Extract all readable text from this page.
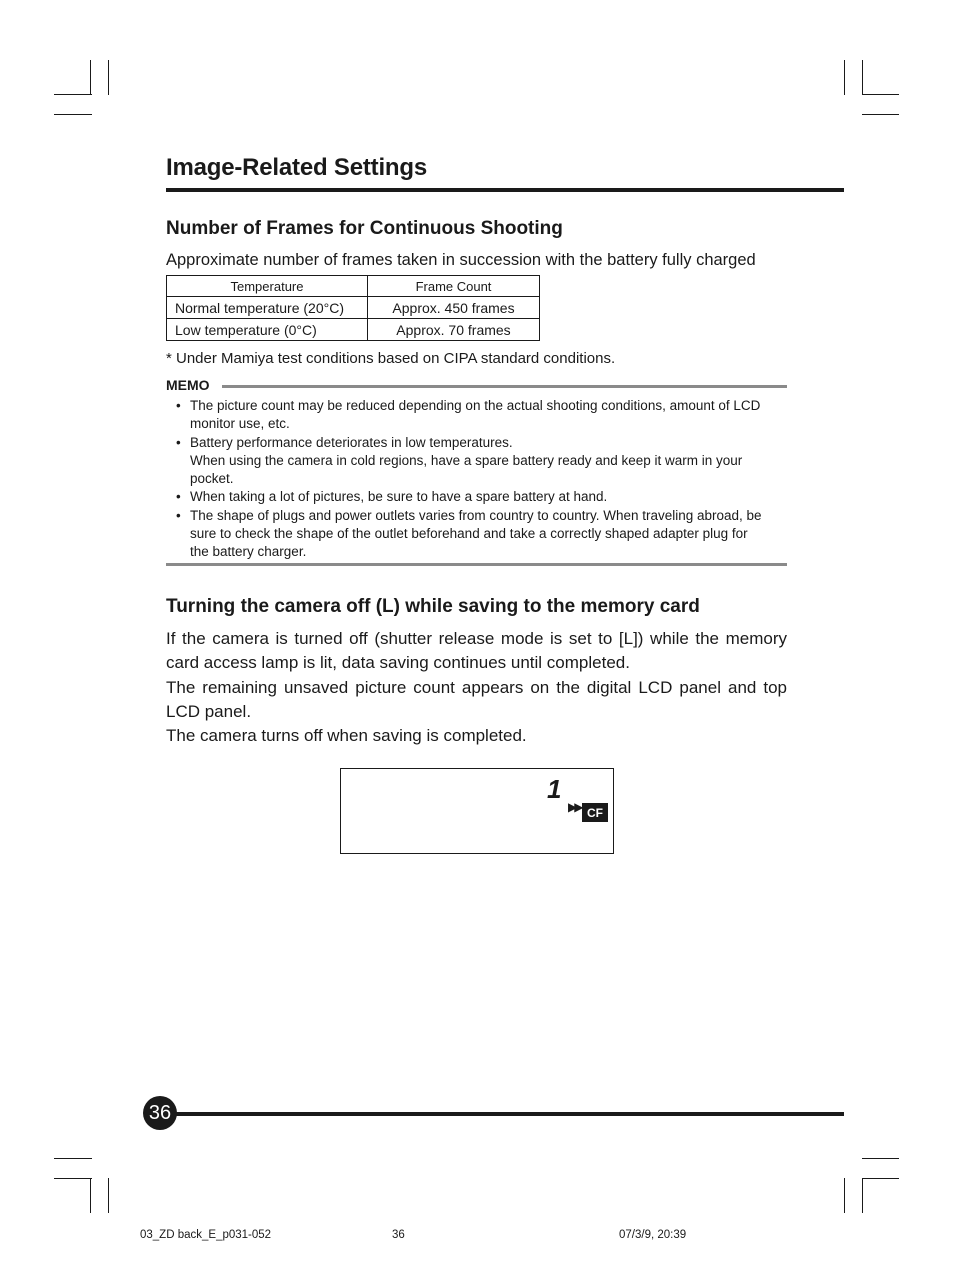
Image-Related Settings
Number of Frames for Continuous Shooting
Approximate number of frames taken in succession with the battery fully charged
Temperature	Frame Count
Normal temperature (20°C)	Approx. 450 frames
Low temperature (0°C)	Approx. 70 frames
* Under Mamiya test conditions based on CIPA standard conditions.
MEMO
• The picture count may be reduced depending on the actual shooting conditions, amount of LCD
monitor use, etc.
• Battery performance deteriorates in low temperatures.
When using the camera in cold regions, have a spare battery ready and keep it warm in your
pocket.
• When taking a lot of pictures, be sure to have a spare battery at hand.
• The shape of plugs and power outlets varies from country to country. When traveling abroad, be
sure to check the shape of the outlet beforehand and take a correctly shaped adapter plug for
the battery charger.
Turning the camera off (L) while saving to the memory card

If the camera is turned off (shutter release mode is set to [L]) while the memory card access lamp is lit, data saving continues until completed.

The remaining unsaved picture count appears on the digital LCD panel and top LCD panel.

The camera turns off when saving is completed.

1
▶▶ CF
36
03_ZD back_E_p031-052	36	07/3/9, 20:39
